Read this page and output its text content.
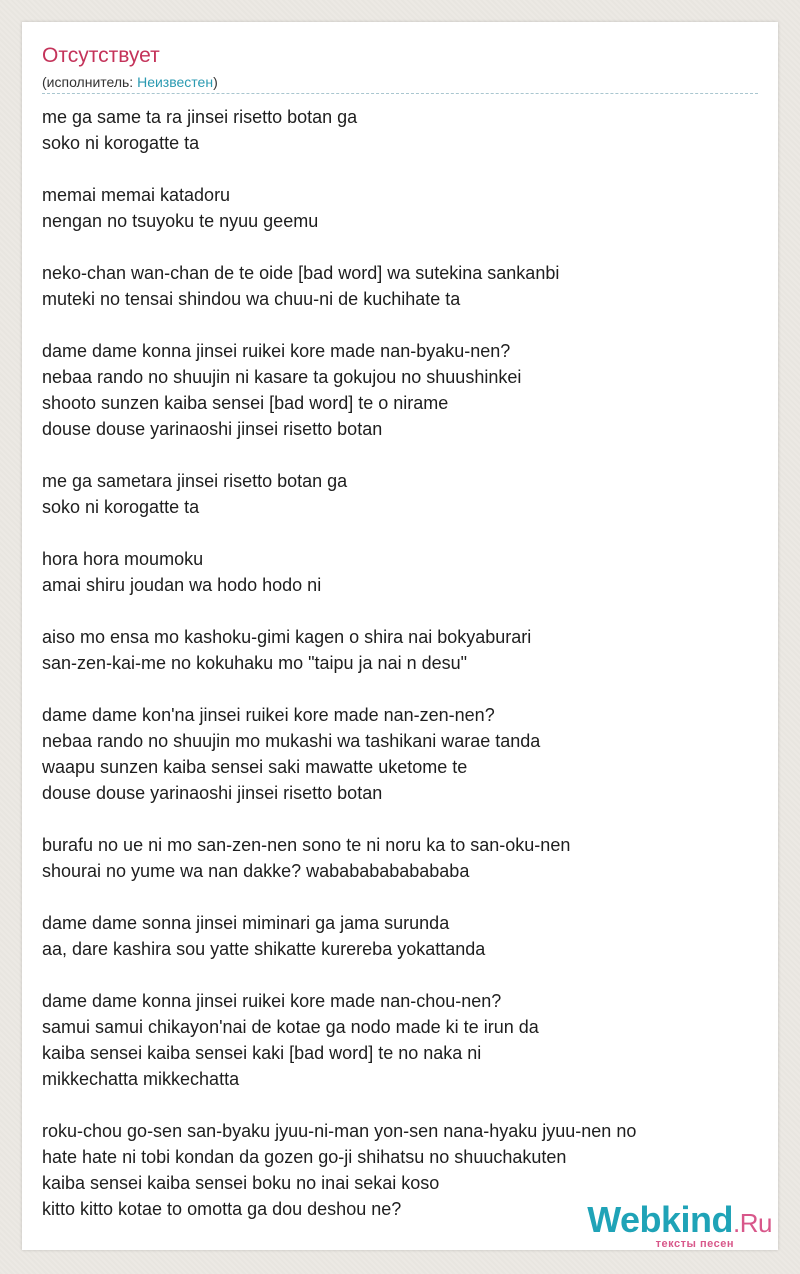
Отсутствует
(исполнитель: Неизвестен)
me ga same ta ra jinsei risetto botan ga
soko ni korogatte ta
memai memai katadoru
nengan no tsuyoku te nyuu geemu
neko-chan wan-chan de te oide [bad word] wa sutekina sankanbi
muteki no tensai shindou wa chuu-ni de kuchihate ta
dame dame konna jinsei ruikei kore made nan-byaku-nen?
nebaa rando no shuujin ni kasare ta gokujou no shuushinkei
shooto sunzen kaiba sensei [bad word] te o nirame
douse douse yarinaoshi jinsei risetto botan
me ga sametara jinsei risetto botan ga
soko ni korogatte ta
hora hora moumoku
amai shiru joudan wa hodo hodo ni
aiso mo ensa mo kashoku-gimi kagen o shira nai bokyaburari
san-zen-kai-me no kokuhaku mo "taipu ja nai n desu"
dame dame kon'na jinsei ruikei kore made nan-zen-nen?
nebaa rando no shuujin mo mukashi wa tashikani warae tanda
waapu sunzen kaiba sensei saki mawatte uketome te
douse douse yarinaoshi jinsei risetto botan
burafu no ue ni mo san-zen-nen sono te ni noru ka to san-oku-nen
shourai no yume wa nan dakke? wabababababababa
dame dame sonna jinsei miminari ga jama surunda
aa, dare kashira sou yatte shikatte kurereba yokattanda
dame dame konna jinsei ruikei kore made nan-chou-nen?
samui samui chikayon'nai de kotae ga nodo made ki te irun da
kaiba sensei kaiba sensei kaki [bad word] te no naka ni
mikkechatta mikkechatta
roku-chou go-sen san-byaku jyuu-ni-man yon-sen nana-hyaku jyuu-nen no
hate hate ni tobi kondan da gozen go-ji shihatsu no shuuchakuten
kaiba sensei kaiba sensei boku no inai sekai koso
kitto kitto kotae to omotta ga dou deshou ne?	Webkind.Ru
тексты песен
